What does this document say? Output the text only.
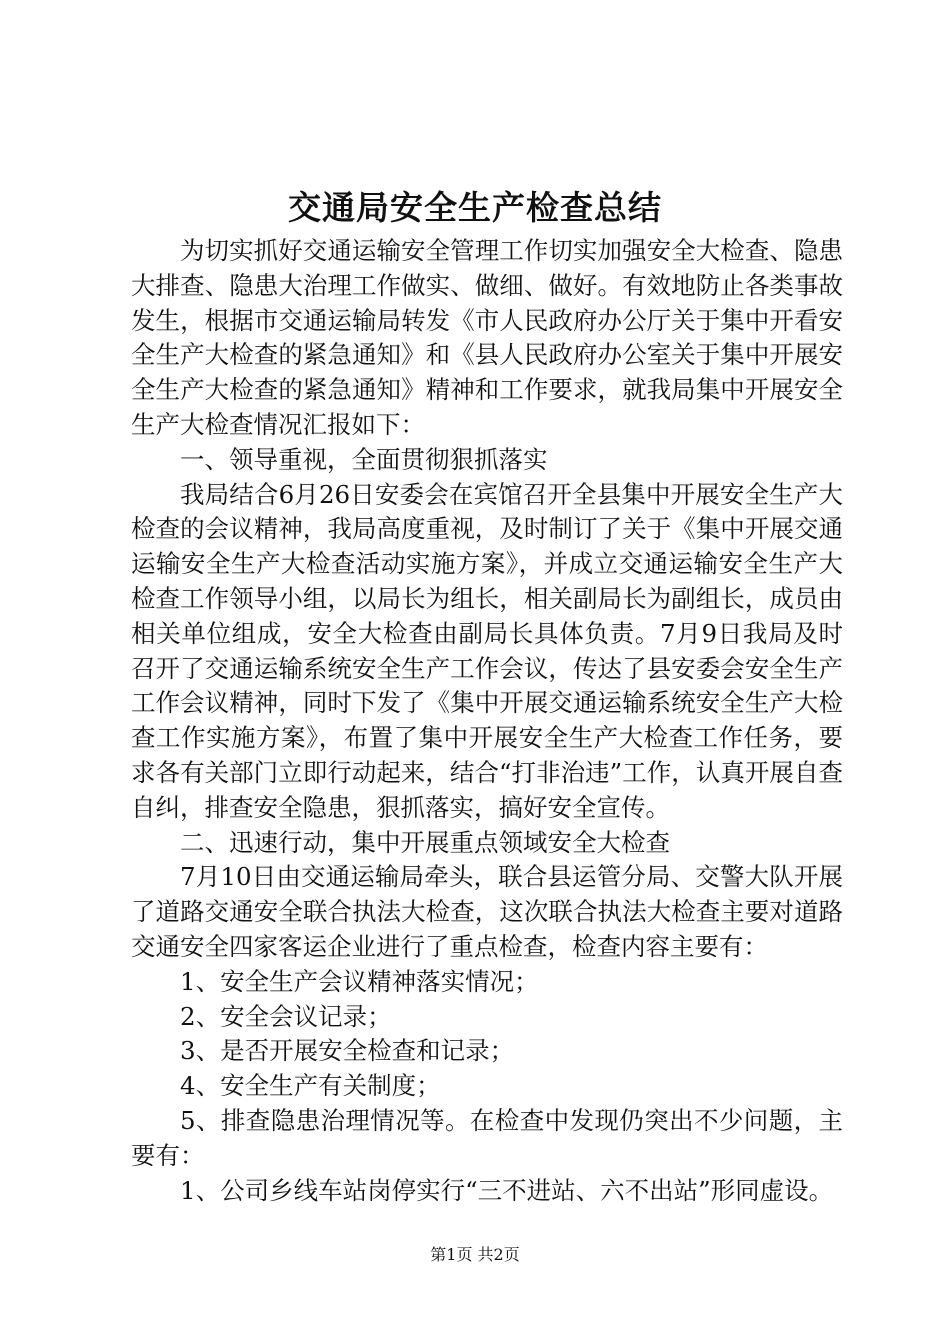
交通局安全生产检查总结

为切实抓好交通运输安全管理工作切实加强安全大检查、隐患大排查、隐患大治理工作做实、做细、做好。有效地防止各类事故发生，根据市交通运输局转发《市人民政府办公厅关于集中开看安全生产大检查的紧急通知》和《县人民政府办公室关于集中开展安全生产大检查的紧急通知》精神和工作要求，就我局集中开展安全生产大检查情况汇报如下：

一、领导重视，全面贯彻狠抓落实

我局结合6月26日安委会在宾馆召开全县集中开展安全生产大检查的会议精神，我局高度重视，及时制订了关于《集中开展交通运输安全生产大检查活动实施方案》，并成立交通运输安全生产大检查工作领导小组，以局长为组长，相关副局长为副组长，成员由相关单位组成，安全大检查由副局长具体负责。7月9日我局及时召开了交通运输系统安全生产工作会议，传达了县安委会安全生产工作会议精神，同时下发了《集中开展交通运输系统安全生产大检查工作实施方案》，布置了集中开展安全生产大检查工作任务，要求各有关部门立即行动起来，结合“打非治违”工作，认真开展自查自纠，排查安全隐患，狠抓落实，搞好安全宣传。

二、迅速行动，集中开展重点领域安全大检查

7月10日由交通运输局牵头，联合县运管分局、交警大队开展了道路交通安全联合执法大检查，这次联合执法大检查主要对道路交通安全四家客运企业进行了重点检查，检查内容主要有：

1、安全生产会议精神落实情况；

2、安全会议记录；

3、是否开展安全检查和记录；

4、安全生产有关制度；

5、排查隐患治理情况等。在检查中发现仍突出不少问题，主要有：

1、公司乡线车站岗停实行“三不进站、六不出站”形同虚设。

第1页 共2页
